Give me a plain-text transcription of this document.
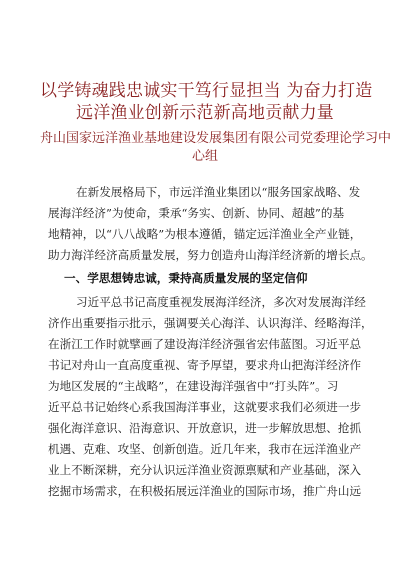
以学铸魂践忠诚实干笃行显担当 为奋力打造
远洋渔业创新示范新高地贡献力量
舟山国家远洋渔业基地建设发展集团有限公司党委理论学习中
心组
在新发展格局下，市远洋渔业集团以“服务国家战略、发
展海洋经济”为使命，秉承“务实、创新、协同、超越”的基
地精神，以“八八战略”为根本遵循，锚定远洋渔业全产业链，
助力海洋经济高质量发展，努力创造舟山海洋经济新的增长点。
一、学思想铸忠诚，秉持高质量发展的坚定信仰
习近平总书记高度重视发展海洋经济，多次对发展海洋经
济作出重要指示批示，强调要关心海洋、认识海洋、经略海洋，
在浙江工作时就擘画了建设海洋经济强省宏伟蓝图。习近平总
书记对舟山一直高度重视、寄予厚望，要求舟山把海洋经济作
为地区发展的“主战略”，在建设海洋强省中“打头阵”。习
近平总书记始终心系我国海洋事业，这就要求我们必须进一步
强化海洋意识、沿海意识、开放意识，进一步解放思想、抢抓
机遇、克难、攻坚、创新创造。近几年来，我市在远洋渔业产
业上不断深耕，充分认识远洋渔业资源禀赋和产业基础，深入
挖掘市场需求，在积极拓展远洋渔业的国际市场，推广舟山远
